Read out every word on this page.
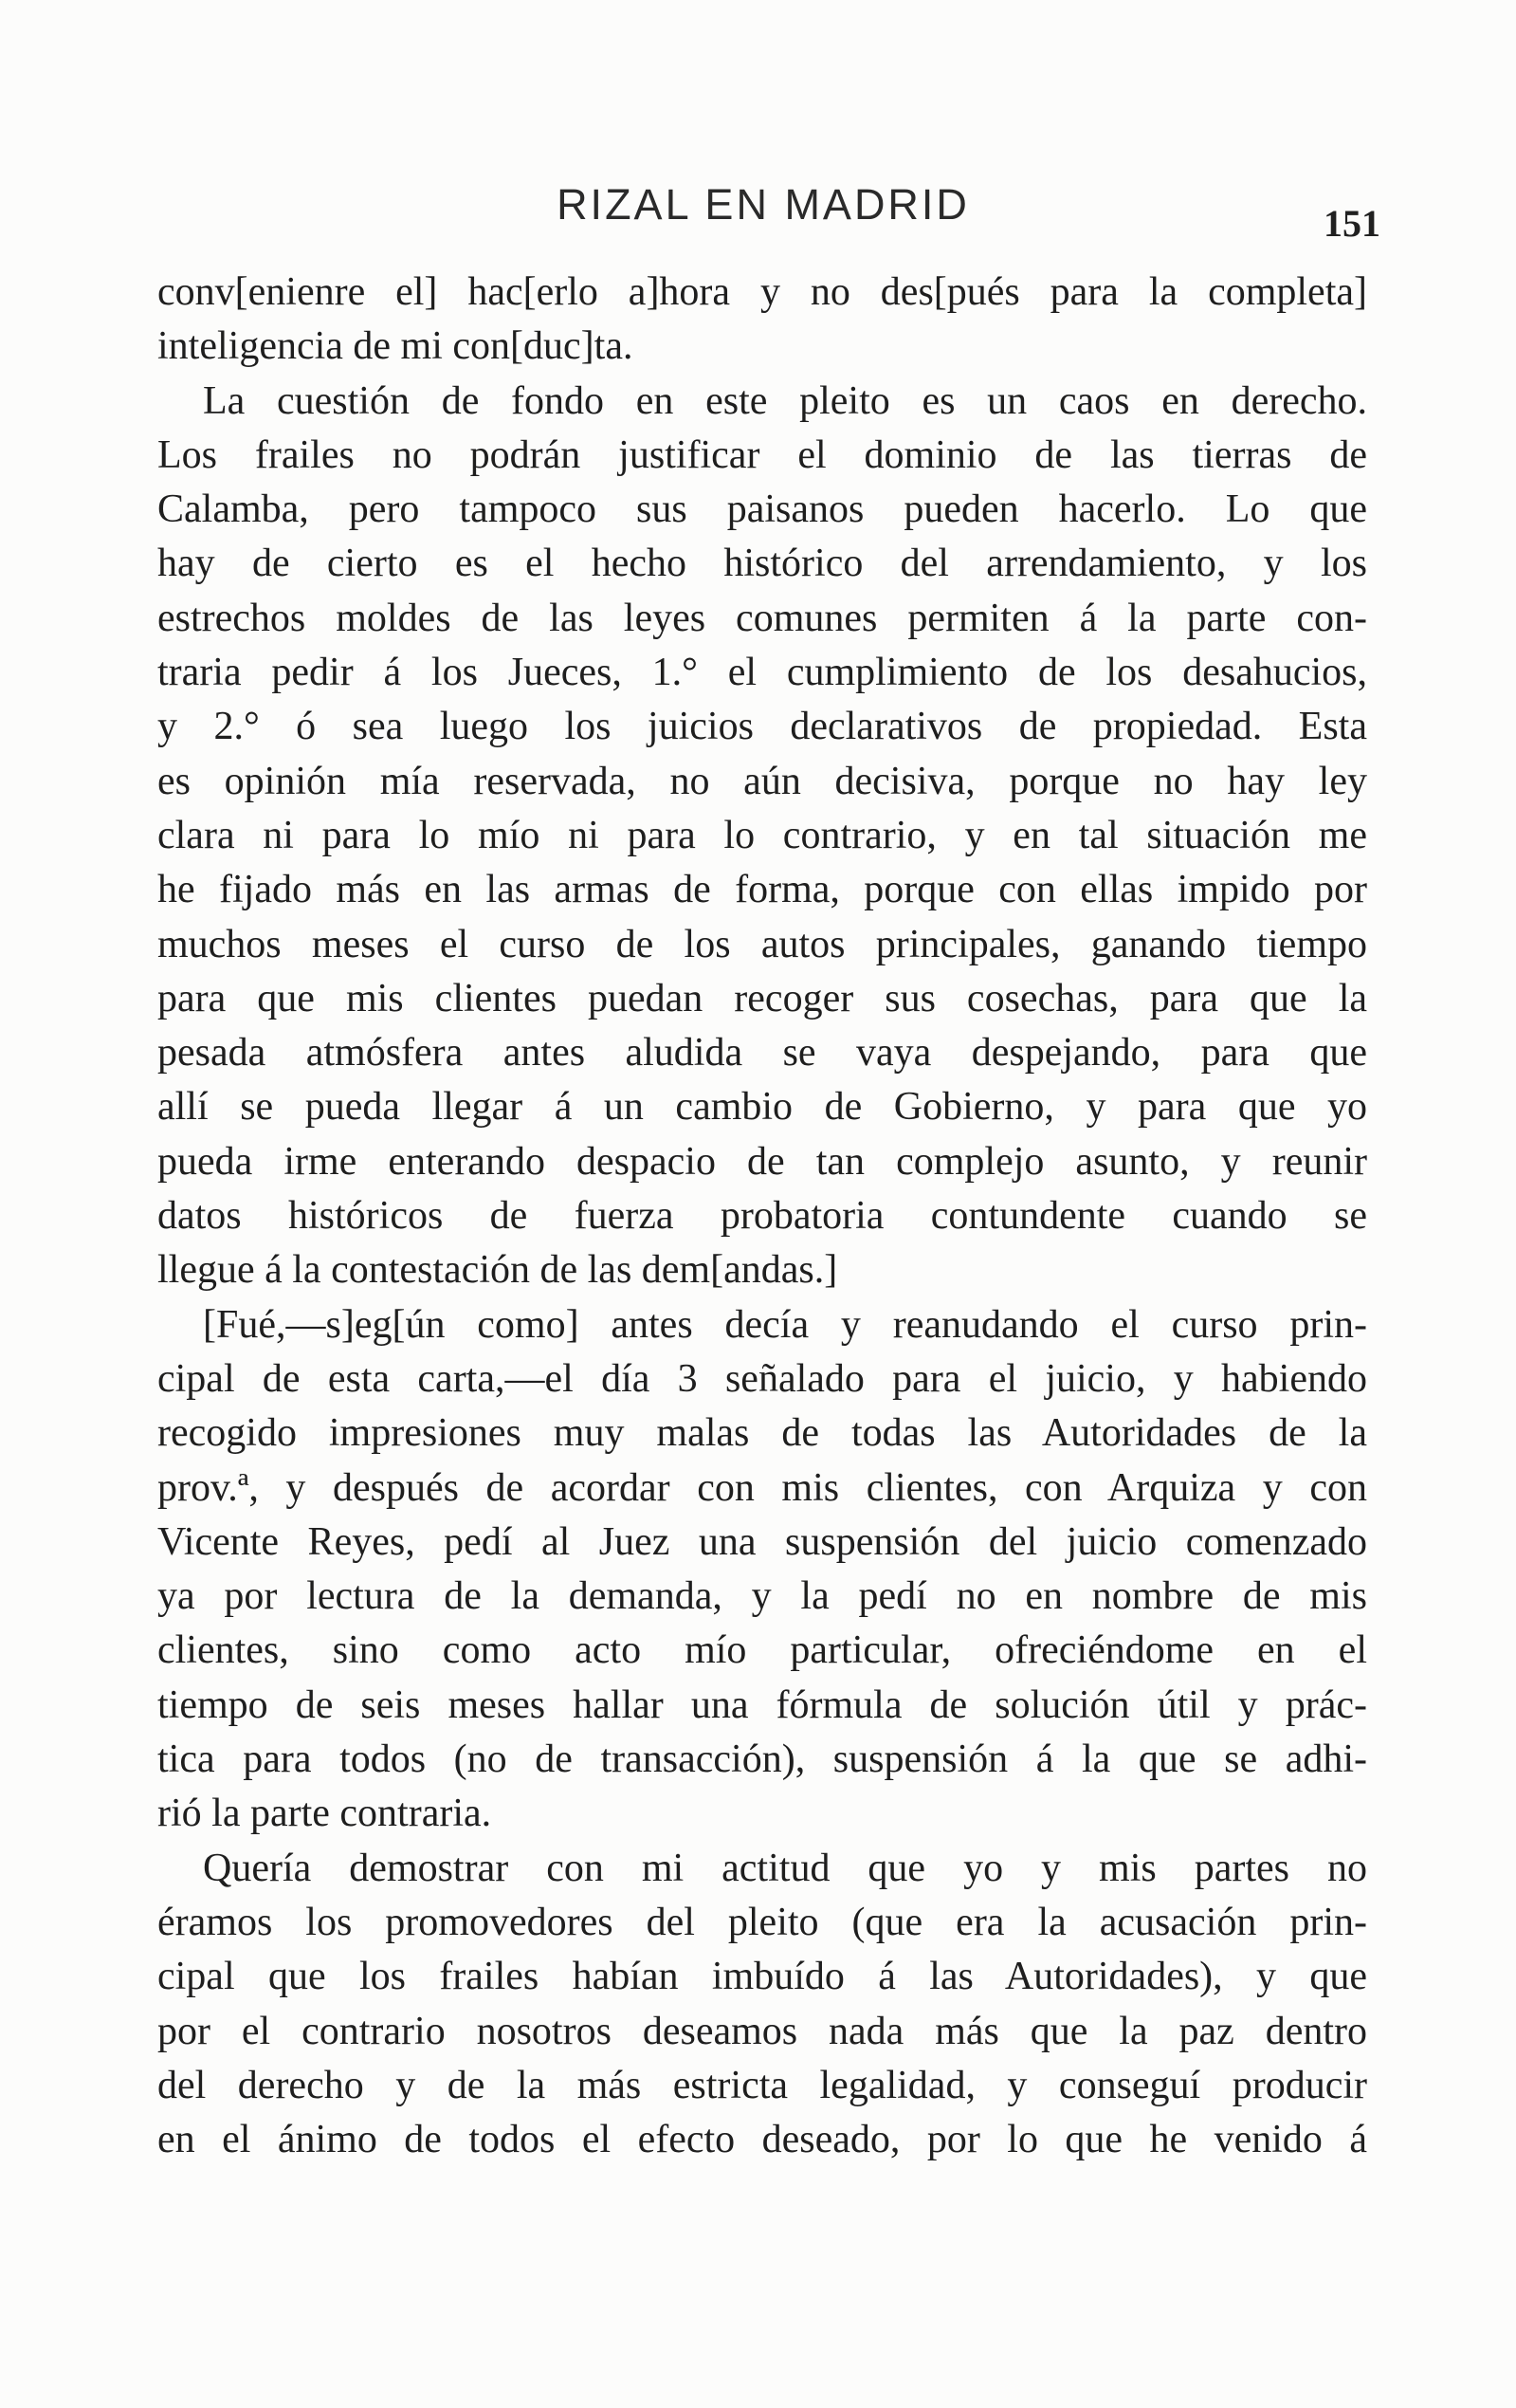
RIZAL EN MADRID	151
conv[enienre el] hac[erlo a]hora y no des[pués para la completa]
inteligencia de mi con[duc]ta.
La cuestión de fondo en este pleito es un caos en derecho.
Los frailes no podrán justificar el dominio de las tierras de
Calamba, pero tampoco sus paisanos pueden hacerlo. Lo que
hay de cierto es el hecho histórico del arrendamiento, y los
estrechos moldes de las leyes comunes permiten á la parte con-
traria pedir á los Jueces, 1.° el cumplimiento de los desahucios,
y 2.° ó sea luego los juicios declarativos de propiedad. Esta
es opinión mía reservada, no aún decisiva, porque no hay ley
clara ni para lo mío ni para lo contrario, y en tal situación me
he fijado más en las armas de forma, porque con ellas impido por
muchos meses el curso de los autos principales, ganando tiempo
para que mis clientes puedan recoger sus cosechas, para que la
pesada atmósfera antes aludida se vaya despejando, para que
allí se pueda llegar á un cambio de Gobierno, y para que yo
pueda irme enterando despacio de tan complejo asunto, y reunir
datos históricos de fuerza probatoria contundente cuando se
llegue á la contestación de las dem[andas.]
[Fué,—s]eg[ún como] antes decía y reanudando el curso prin-
cipal de esta carta,—el día 3 señalado para el juicio, y habiendo
recogido impresiones muy malas de todas las Autoridades de la
prov.ª, y después de acordar con mis clientes, con Arquiza y con
Vicente Reyes, pedí al Juez una suspensión del juicio comenzado
ya por lectura de la demanda, y la pedí no en nombre de mis
clientes, sino como acto mío particular, ofreciéndome en el
tiempo de seis meses hallar una fórmula de solución útil y prác-
tica para todos (no de transacción), suspensión á la que se adhi-
rió la parte contraria.
Quería demostrar con mi actitud que yo y mis partes no
éramos los promovedores del pleito (que era la acusación prin-
cipal que los frailes habían imbuído á las Autoridades), y que
por el contrario nosotros deseamos nada más que la paz dentro
del derecho y de la más estricta legalidad, y conseguí producir
en el ánimo de todos el efecto deseado, por lo que he venido á
